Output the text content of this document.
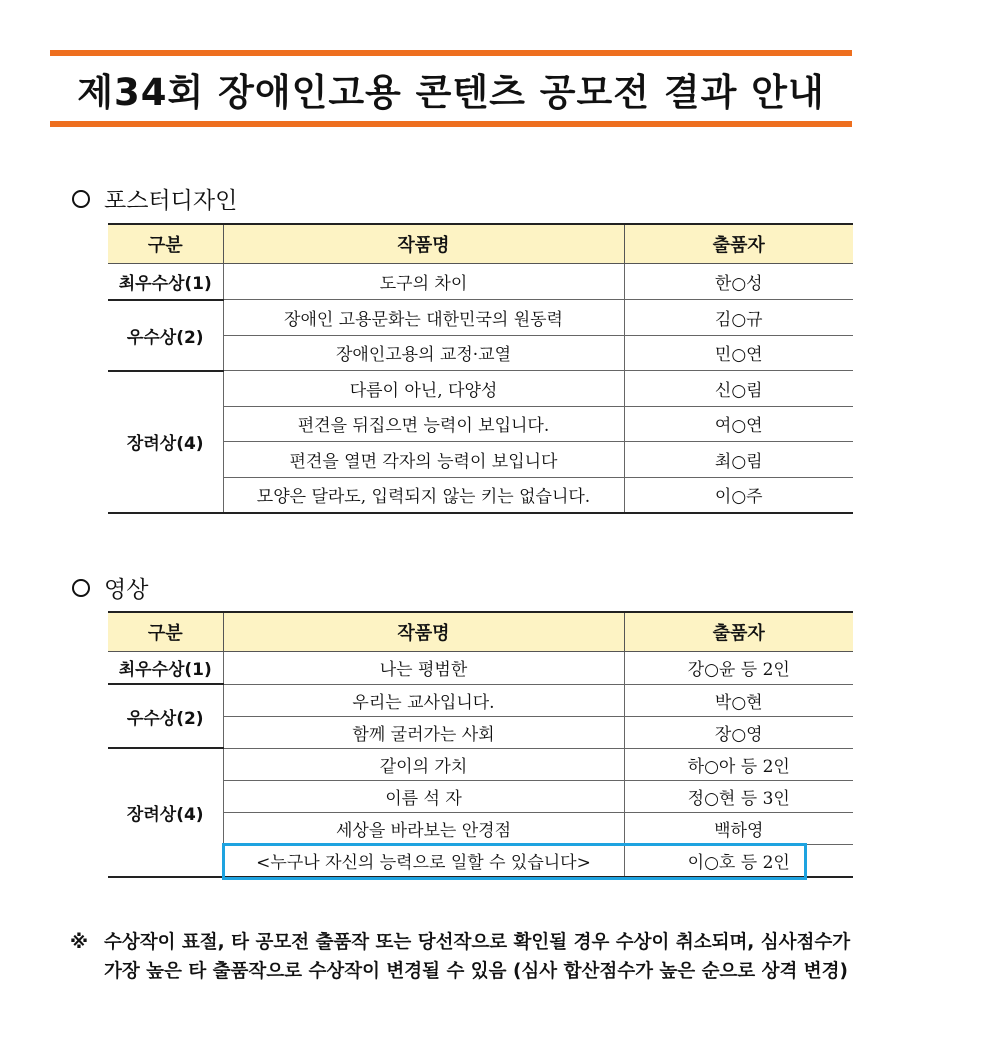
제34회 장애인고용 콘텐츠 공모전 결과 안내
포스터디자인
구분	작품명	출품자
최우수상(1)	도구의 차이	한○성
우수상(2)	장애인 고용문화는 대한민국의 원동력	김○규
	장애인고용의 교정·교열	민○연
장려상(4)	다름이 아닌, 다양성	신○림
	편견을 뒤집으면 능력이 보입니다.	여○연
	편견을 열면 각자의 능력이 보입니다	최○림
	모양은 달라도, 입력되지 않는 키는 없습니다.	이○주
영상
구분	작품명	출품자
최우수상(1)	나는 평범한	강○윤 등 2인
우수상(2)	우리는 교사입니다.	박○현
	함께 굴러가는 사회	장○영
장려상(4)	같이의 가치	하○아 등 2인
	이름 석 자	정○현 등 3인
	세상을 바라보는 안경점	백하영
	<누구나 자신의 능력으로 일할 수 있습니다>	이○호 등 2인
※ 수상작이 표절, 타 공모전 출품작 또는 당선작으로 확인될 경우 수상이 취소되며, 심사점수가 가장 높은 타 출품작으로 수상작이 변경될 수 있음 (심사 합산점수가 높은 순으로 상격 변경)
